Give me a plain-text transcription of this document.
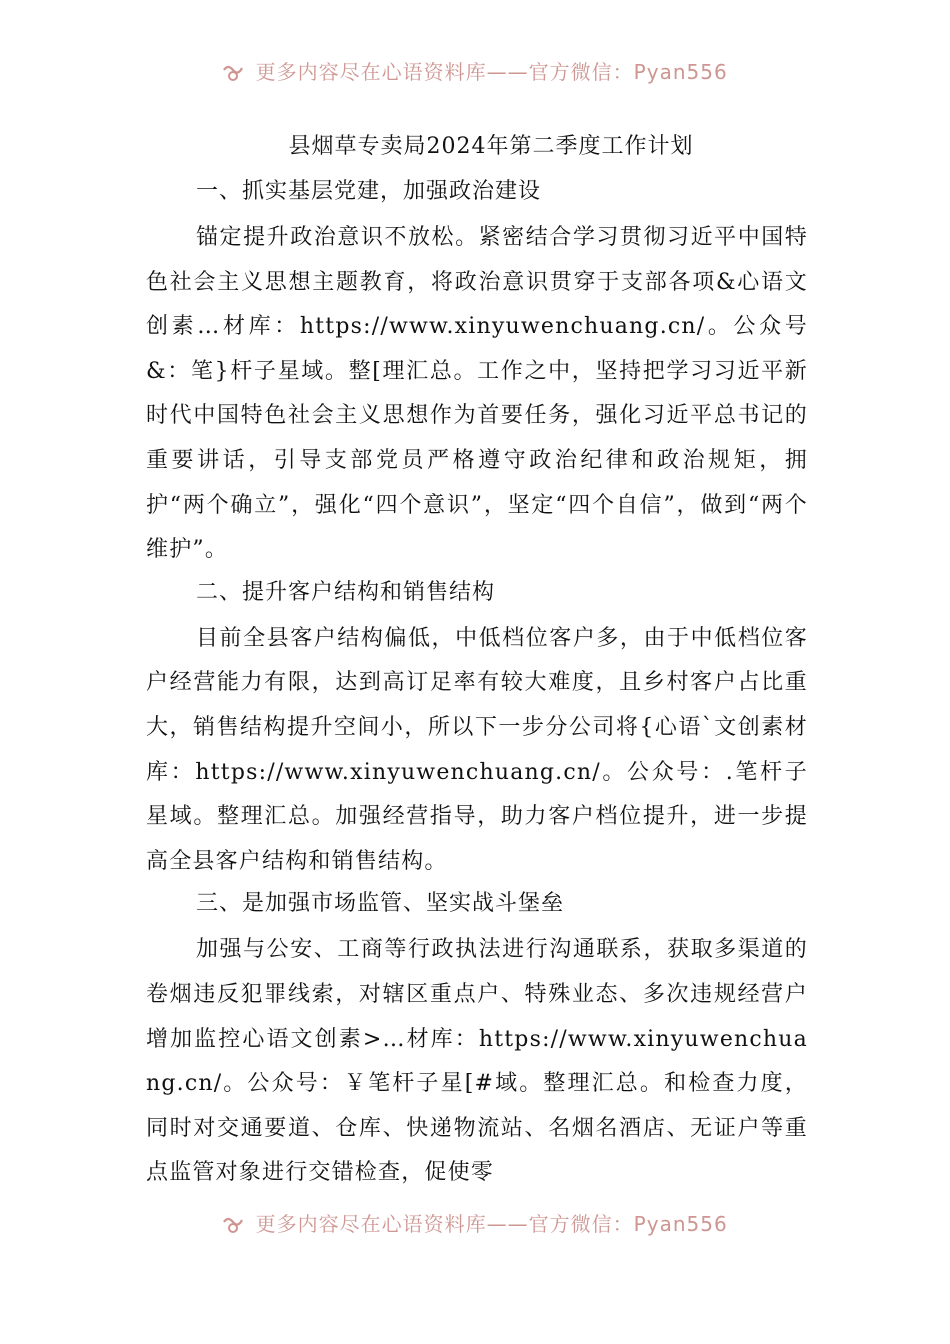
更多内容尽在心语资料库——官方微信：Pyan556
县烟草专卖局2024年第二季度工作计划
一、抓实基层党建，加强政治建设

锚定提升政治意识不放松。紧密结合学习贯彻习近平中国特色社会主义思想主题教育，将政治意识贯穿于支部各项&心语文创素…材库：https://www.xinyuwenchuang.cn/。公众号&：笔}杆子星域。整[理汇总。工作之中，坚持把学习习近平新时代中国特色社会主义思想作为首要任务，强化习近平总书记的重要讲话，引导支部党员严格遵守政治纪律和政治规矩，拥护“两个确立”，强化“四个意识”，坚定“四个自信”，做到“两个维护”。

二、提升客户结构和销售结构

目前全县客户结构偏低，中低档位客户多，由于中低档位客户经营能力有限，达到高订足率有较大难度，且乡村客户占比重大，销售结构提升空间小，所以下一步分公司将{心语`文创素材库：https://www.xinyuwenchuang.cn/。公众号：.笔杆子星域。整理汇总。加强经营指导，助力客户档位提升，进一步提高全县客户结构和销售结构。

三、是加强市场监管、坚实战斗堡垒

加强与公安、工商等行政执法进行沟通联系，获取多渠道的卷烟违反犯罪线索，对辖区重点户、特殊业态、多次违规经营户增加监控心语文创素>…材库：https://www.xinyuwenchuang.cn/。公众号：￥笔杆子星[#域。整理汇总。和检查力度，同时对交通要道、仓库、快递物流站、名烟名酒店、无证户等重点监管对象进行交错检查，促使零

更多内容尽在心语资料库——官方微信：Pyan556
